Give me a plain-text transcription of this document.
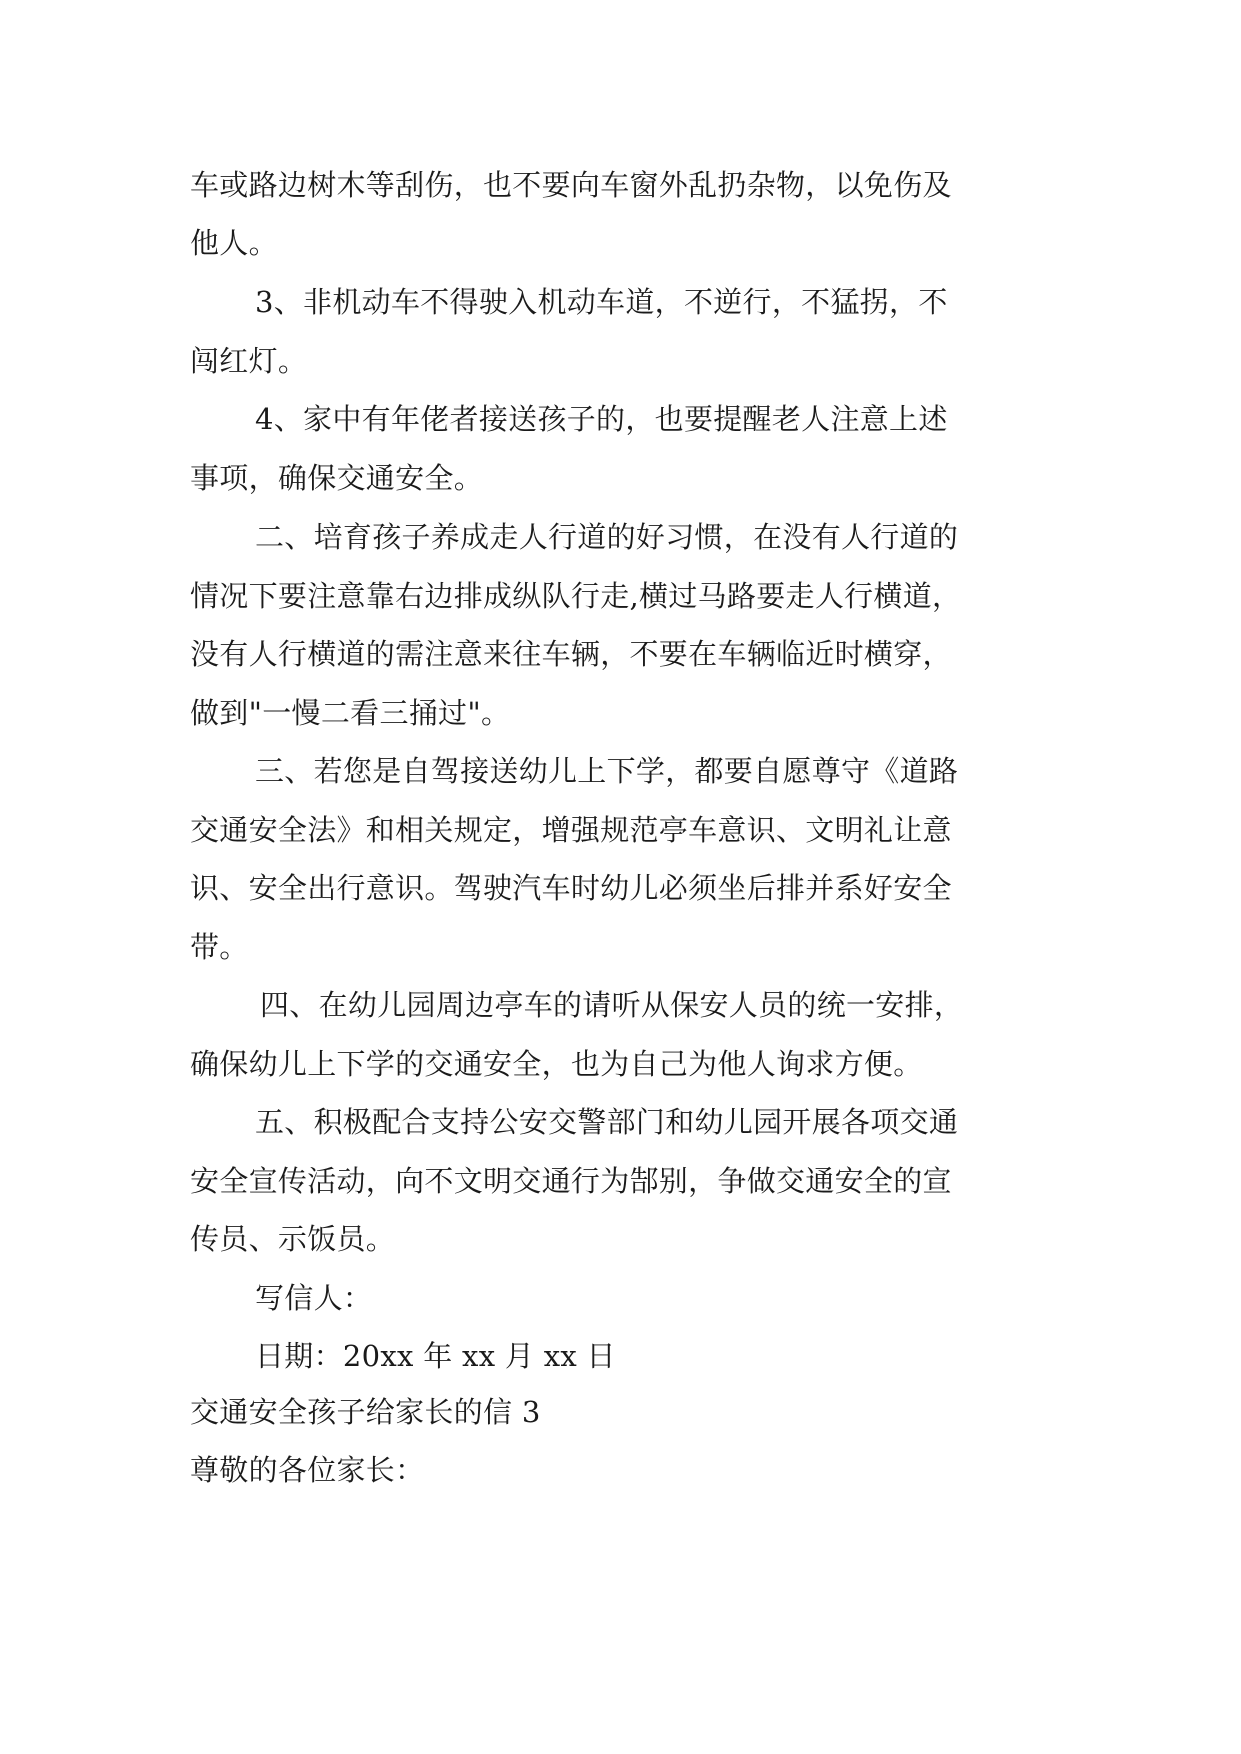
车或路边树木等刮伤，也不要向车窗外乱扔杂物，以免伤及

他人。

3、非机动车不得驶入机动车道，不逆行，不猛拐，不

闯红灯。

4、家中有年佬者接送孩子的，也要提醒老人注意上述

事项，确保交通安全。

二、培育孩子养成走人行道的好习惯，在没有人行道的

情况下要注意靠右边排成纵队行走,横过马路要走人行横道，

没有人行横道的需注意来往车辆，不要在车辆临近时横穿，

做到"一慢二看三捅过"。

三、若您是自驾接送幼儿上下学，都要自愿尊守《道路

交通安全法》和相关规定，增强规范亭车意识、文明礼让意

识、安全出行意识。驾驶汽车时幼儿必须坐后排并系好安全

带。

四、在幼儿园周边亭车的请听从保安人员的统一安排，

确保幼儿上下学的交通安全，也为自己为他人询求方便。

五、积极配合支持公安交警部门和幼儿园开展各项交通

安全宣传活动，向不文明交通行为郜别，争做交通安全的宣

传员、示饭员。

写信人：

日期：20xx 年 xx 月 xx 日

交通安全孩子给家长的信 3

尊敬的各位家长：
